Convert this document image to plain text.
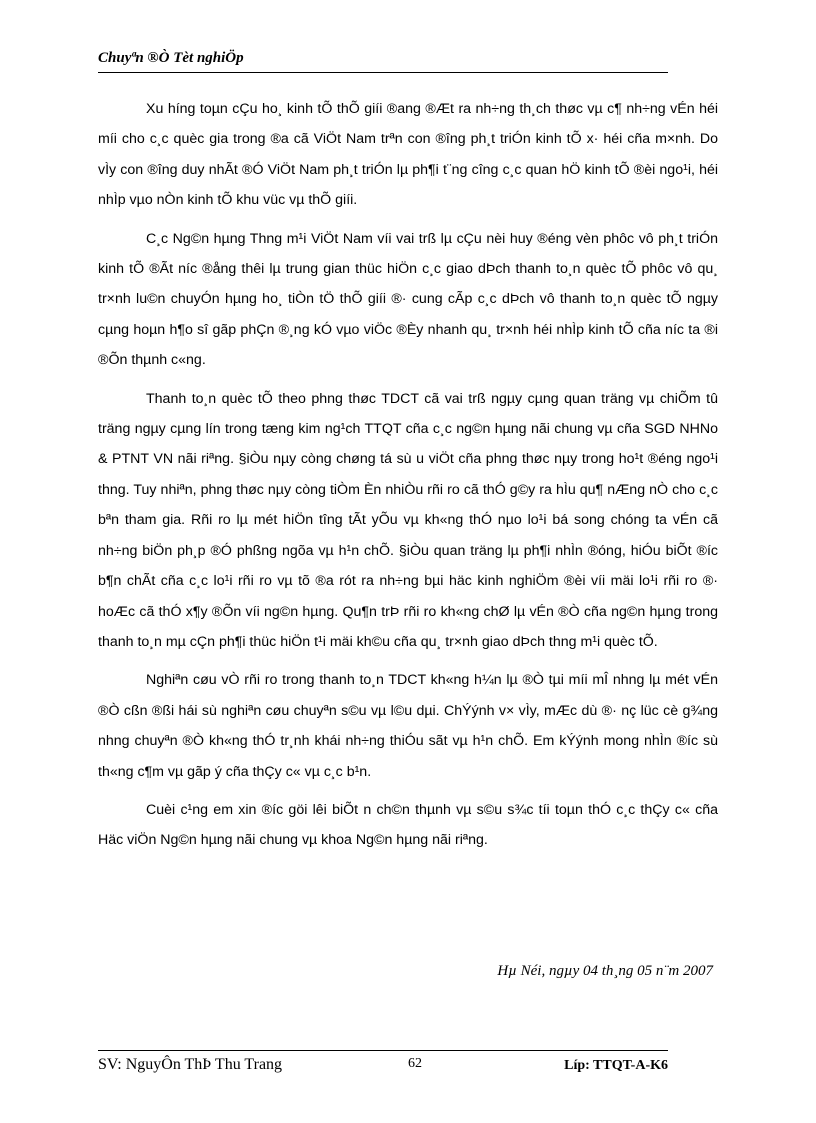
Chuyªn ®Ò Tèt nghiÖp

Xu híng toµn cÇu ho¸ kinh tÕ thÕ giíi ®ang ®Æt ra nh÷ng th¸ch thøc vµ c¶ nh÷ng vÉn héi míi cho c¸c quèc gia trong ®a cã ViÖt Nam trªn con ®îng ph¸t triÓn kinh tÕ x· héi cña m×nh. Do vÌy con ®îng duy nhÃt ®Ó ViÖt Nam ph¸t triÓn lµ ph¶i t¨ng cîng c¸c quan hÖ kinh tÕ ®èi ngo¹i, héi nhÌp vµo nÒn kinh tÕ khu vüc vµ thÕ giíi.

C¸c Ng©n hµng Thng m¹i ViÖt Nam víi vai trß lµ cÇu nèi huy ®éng vèn phôc vô ph¸t triÓn kinh tÕ ®Ãt níc ®ång thêi lµ trung gian thüc hiÖn c¸c giao dÞch thanh to¸n quèc tÕ phôc vô qu¸ tr×nh lu©n chuyÓn hµng ho¸ tiÒn tÖ thÕ giíi ®· cung cÃp c¸c dÞch vô thanh to¸n quèc tÕ ngµy cµng hoµn h¶o sî gãp phÇn ®¸ng kÓ vµo viÖc ®Èy nhanh qu¸ tr×nh héi nhÌp kinh tÕ cña níc ta ®i ®Õn thµnh c«ng.

Thanh to¸n quèc tÕ theo phng thøc TDCT cã vai trß ngµy cµng quan träng vµ chiÕm tû träng ngµy cµng lín trong tæng kim ng¹ch TTQT cña c¸c ng©n hµng nãi chung vµ cña SGD NHNo & PTNT VN nãi riªng. §iÒu nµy còng chøng tá sù u viÖt cña phng thøc nµy trong ho¹t ®éng ngo¹i thng. Tuy nhiªn, phng thøc nµy còng tiÒm Èn nhiÒu rñi ro cã thÓ g©y ra hÌu qu¶ nÆng nÒ cho c¸c bªn tham gia. Rñi ro lµ mét hiÖn tîng tÃt yÕu vµ kh«ng thÓ nµo lo¹i bá song chóng ta vÉn cã nh÷ng biÖn ph¸p ®Ó phßng ngõa vµ h¹n chÕ. §iÒu quan träng lµ ph¶i nhÌn ®óng, hiÓu biÕt ®íc b¶n chÃt cña c¸c lo¹i rñi ro vµ tõ ®a rót ra nh÷ng bµi häc kinh nghiÖm ®èi víi mäi lo¹i rñi ro ®· hoÆc cã thÓ x¶y ®Õn víi ng©n hµng. Qu¶n trÞ rñi ro kh«ng chØ lµ vÉn ®Ò cña ng©n hµng trong thanh to¸n mµ cÇn ph¶i thüc hiÖn t¹i mäi kh©u cña qu¸ tr×nh giao dÞch thng m¹i quèc tÕ.

Nghiªn cøu vÒ rñi ro trong thanh to¸n TDCT kh«ng h¼n lµ ®Ò tµi míi mÎ nhng lµ mét vÉn ®Ò cßn ®ßi hái sù nghiªn cøu chuyªn s©u vµ l©u dµi. ChÝýnh v× vÌy, mÆc dù ®· nç lüc cè g¾ng nhng chuyªn ®Ò kh«ng thÓ tr¸nh khái nh÷ng thiÓu sãt vµ h¹n chÕ. Em kÝýnh mong nhÌn ®íc sù th«ng c¶m vµ gãp ý cña thÇy c« vµ c¸c b¹n.

Cuèi c¹ng em xin ®íc göi lêi biÕt n ch©n thµnh vµ s©u s¾c tíi toµn thÓ c¸c thÇy c« cña Häc viÖn Ng©n hµng nãi chung vµ khoa Ng©n hµng nãi riªng.

Hµ Néi, ngµy 04 th¸ng 05 n¨m 2007
SV: NguyÔn ThÞ Thu Trang	62	Líp: TTQT-A-K6
